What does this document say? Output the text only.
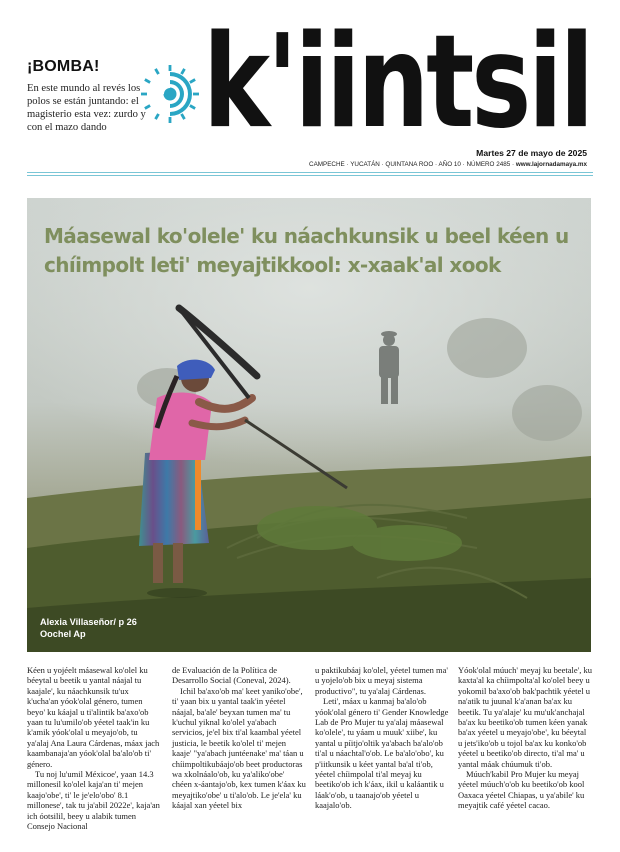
¡BOMBA!
En este mundo al revés los polos se están juntando: el magisterio esta vez: zurdo y con el mazo dando k'iintsil
Martes 27 de mayo de 2025
CAMPECHE · YUCATÁN · QUINTANA ROO · AÑO 10 · NÚMERO 2485 · www.lajornadamaya.mx
Máasewal ko'olele' ku náachkunsik u beel kéen u chíimpolt leti' meyajtikkool: x-xaak'al xook
Alexia Villaseñor/ p 26
Oochel Ap

Kéen u yojéelt máasewal ko'olel ku béeytal u beetik u yantal náajal tu kaajale', ku náachkunsik tu'ux k'ucha'an yóok'olal género, tumen beyo' ku káajal u ti'alintik ba'axo'ob yaan tu lu'umilo'ob yéetel taak'in ku k'amik yóok'olal u meyajo'ob, tu ya'alaj Ana Laura Cárdenas, máax jach kaambanaja'an yóok'olal ba'alo'ob ti' género.

Tu noj lu'umil Méxicoe', yaan 14.3 millonesil ko'olel kaja'an ti' mejen kaajo'obe', ti' le je'elo'obo' 8.1 millonese', tak tu ja'abil 2022e', kaja'an ich óotsilil, beey u alabik tumen Consejo Nacional

de Evaluación de la Política de Desarrollo Social (Coneval, 2024).

Ichil ba'axo'ob ma' keet yaniko'obe', ti' yaan bix u yantal taak'in yéetel náajal, ba'ale' beyxan tumen ma' tu k'uchul yiknal ko'olel ya'abach servicios, je'el bix ti'al kaambal yéetel justicia, le beetik ko'olel ti' mejen kaaje' "ya'abach juntéenake' ma' táan u chíimpoltikubáajo'ob beet productoras wa xkolnáalo'ob, ku ya'aliko'obe' chéen x-áantajo'ob, kex tumen k'áax ku meyajtiko'obe' u ti'alo'ob. Le je'ela' ku káajal xan yéetel bix

u paktikubáaj ko'olel, yéetel tumen ma' u yojelo'ob bix u meyaj sistema productivo", tu ya'alaj Cárdenas.

Leti', máax u kanmaj ba'alo'ob yóok'olal género ti' Gender Knowledge Lab de Pro Mujer tu ya'alaj máasewal ko'olele', tu yáam u muuk' xiibe', ku yantal u píitjo'oltik ya'abach ba'alo'ob ti'al u náachtal'o'ob. Le ba'alo'obo', ku p'iitkunsik u kéet yantal ba'al ti'ob, yéetel chíimpolal ti'al meyaj ku beetiko'ob ich k'áax, ikil u kaláantik u láak'o'ob, u taanajo'ob yéetel u kaajalo'ob.

Yóok'olal múuch' meyaj ku beetale', ku kaxta'al ka chíimpolta'al ko'olel beey u yokomil ba'axo'ob bak'pachtik yéetel u na'atik tu juunal k'a'anan ba'ax ku beetik. Tu ya'alaje' ku mu'uk'anchajal ba'ax ku beetiko'ob tumen kéen yanak ba'ax yéetel u meyajo'obe', ku béeytal u jets'iko'ob u tojol ba'ax ku konko'ob yéetel u beetiko'ob directo, ti'al ma' u yantal máak chúumuk ti'ob.

Múuch'kabil Pro Mujer ku meyaj yéetel múuch'o'ob ku beetiko'ob kool Oaxaca yéetel Chiapas, u ya'abile' ku meyajtik café yéetel cacao.
